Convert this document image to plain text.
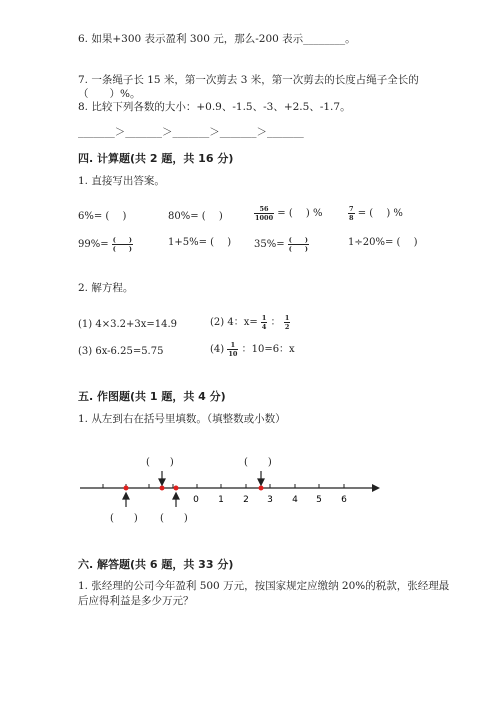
6. 如果+300 表示盈利 300 元，那么-200 表示________。
7. 一条绳子长 15 米，第一次剪去 3 米，第一次剪去的长度占绳子全长的
（　　）%。
8. 比较下列各数的大小：+0.9、-1.5、-3、+2.5、-1.7。
_______＞_______＞_______＞_______＞_______
四. 计算题(共 2 题，共 16 分)
1. 直接写出答案。
6%= (　 )	80%= (　 )	$\frac{56}{1000}$ = (　 ) %	$\frac{7}{8}$ = (　 ) %
$99\%= \frac{( )}{( )}$	1+5%= (　 ) $35\%= \frac{( )}{( )}$	1÷20%= (　 )
2. 解方程。
(1) 4×3.2+3x=14.9	(2) 4：$x= \frac{1}{4}$ ： $\frac{1}{2}$
(3) 6x-6.25=5.75	$(4) \frac{1}{10}$ ：10=6：x
五. 作图题(共 1 题，共 4 分)
1. 从左到右在括号里填数。（填整数或小数）
0 1 2 3 4 5 6
(　　)	(　　)
(　　) (　　)
六. 解答题(共 6 题，共 33 分)
1. 张经理的公司今年盈利 500 万元，按国家规定应缴纳 20%的税款，张经理最
后应得利益是多少万元？
